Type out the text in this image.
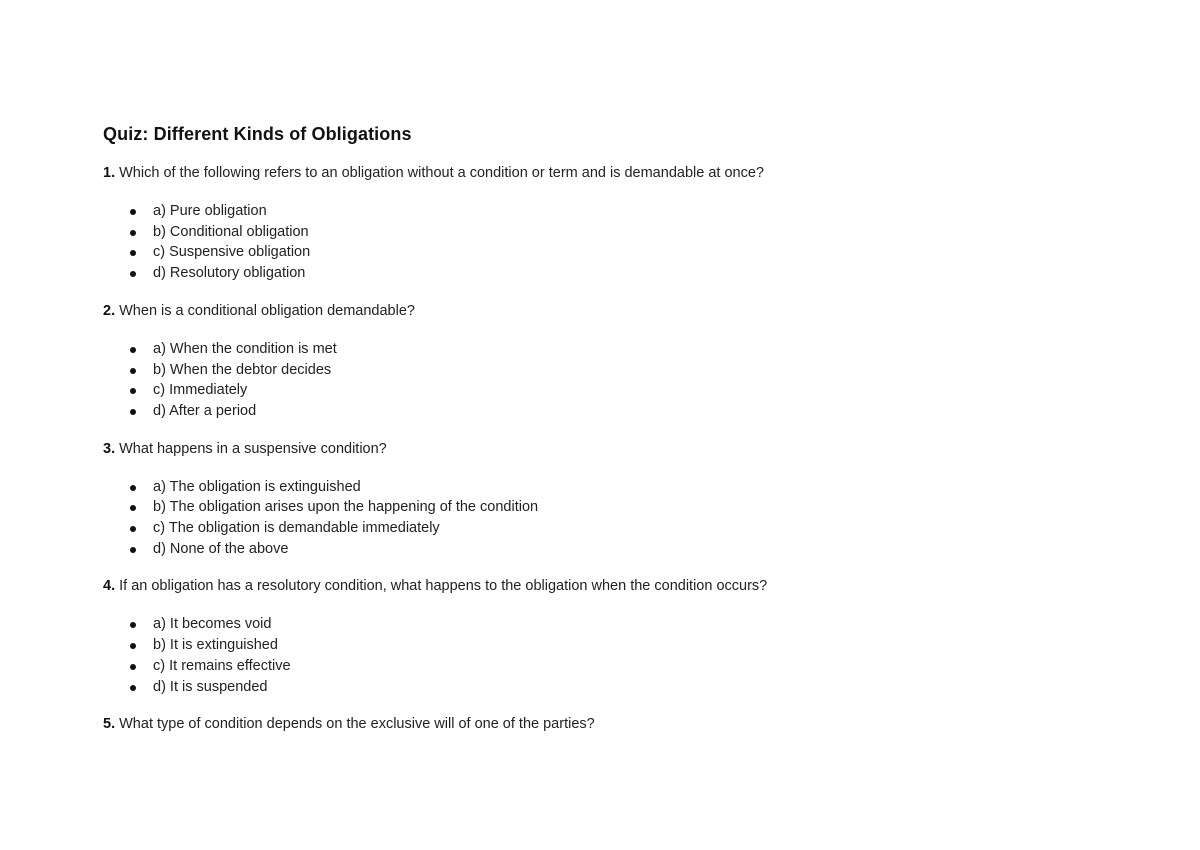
Quiz: Different Kinds of Obligations

1. Which of the following refers to an obligation without a condition or term and is demandable at once?

a) Pure obligation
b) Conditional obligation
c) Suspensive obligation
d) Resolutory obligation

2. When is a conditional obligation demandable?

a) When the condition is met
b) When the debtor decides
c) Immediately
d) After a period

3. What happens in a suspensive condition?

a) The obligation is extinguished
b) The obligation arises upon the happening of the condition
c) The obligation is demandable immediately
d) None of the above

4. If an obligation has a resolutory condition, what happens to the obligation when the condition occurs?

a) It becomes void
b) It is extinguished
c) It remains effective
d) It is suspended

5. What type of condition depends on the exclusive will of one of the parties?
